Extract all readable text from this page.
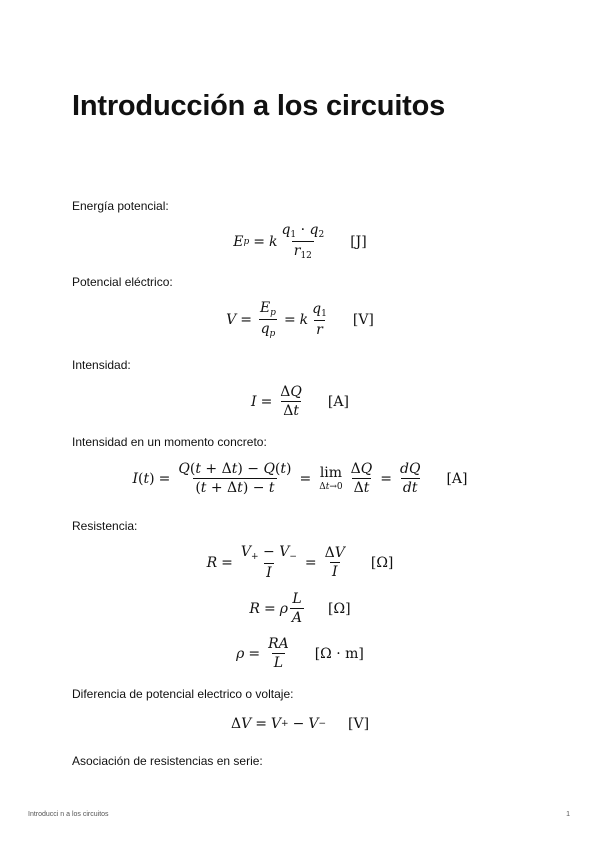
Introducción a los circuitos
Energía potencial:
E p = k $\frac{q_1 \cdot q_2}{r_{12}} [J]$
Potencial eléctrico:
$V = \frac{E_p}{q_p} = k \frac{q_1}{r} [V]$
Intensidad:
$I = \frac{\Delta Q}{\Delta t} [A]$
Intensidad en un momento concreto:
I ( t ) = $\frac{Q(t + \Delta t) - Q(t)}{(t + \Delta t) - t} = \lim$
$\Delta t\to 0 \frac{\Delta Q}{\Delta t} = \frac{dQ}{dt} [A]$
Resistencia:
$R = \frac{V_+ - V_-}{I} = \frac{\Delta V}{I} [\Omega]$
R = ρ $\frac{L}{A} [\Omega]$
$\rho = \frac{RA}{L} [\Omega \cdot m]$
Diferencia de potencial electrico o voltaje:
Δ V = V + − V − [V]
Asociación de resistencias en serie:
Introducci n a los circuitos	1
